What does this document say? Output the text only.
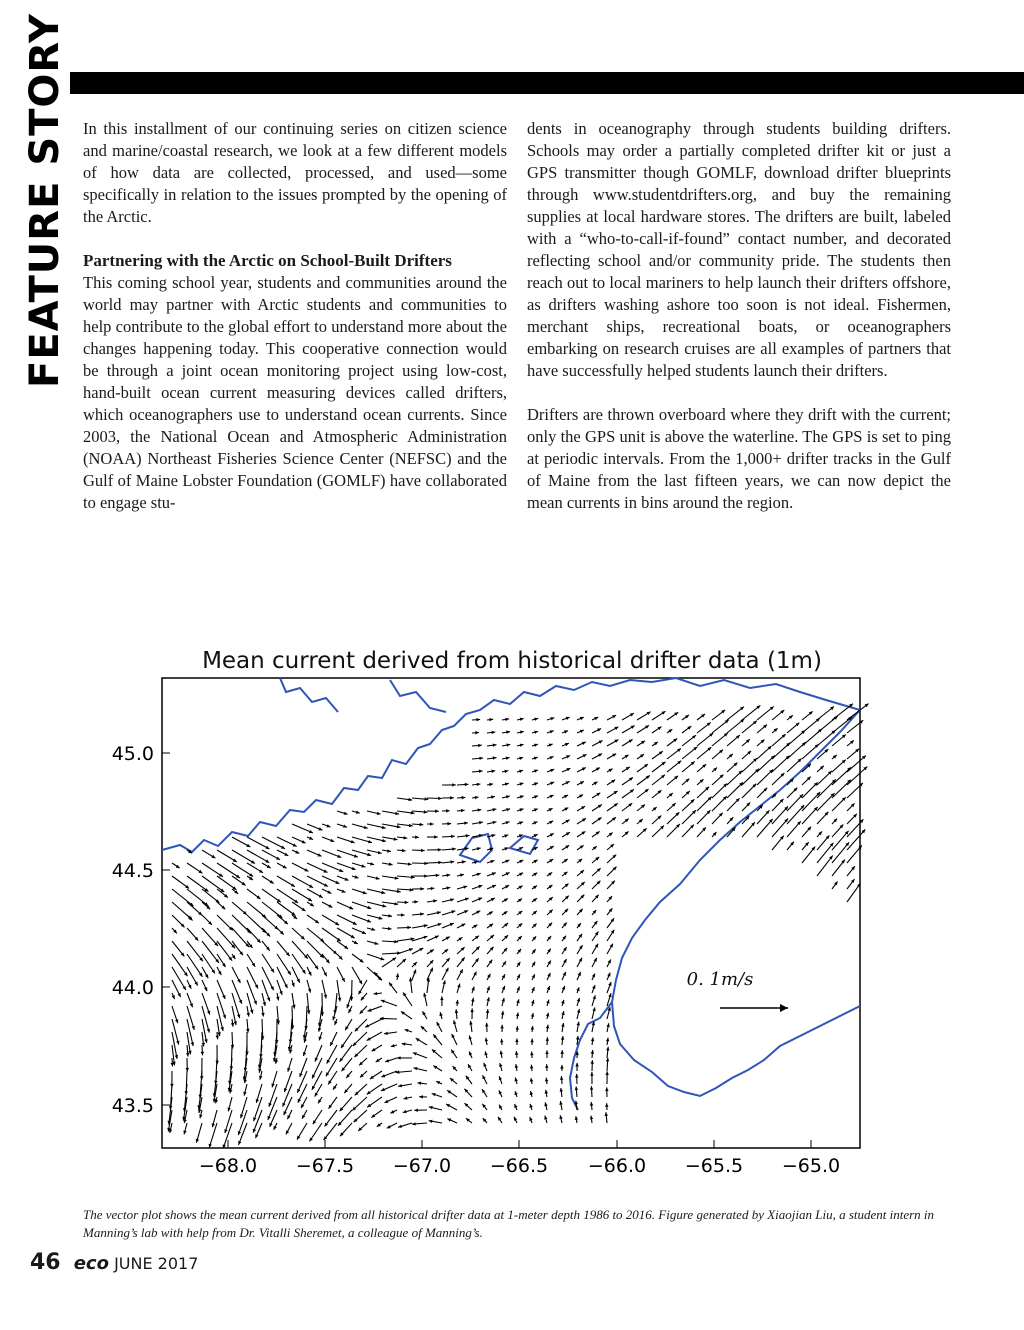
FEATURE STORY In this installment of our continuing series on citizen science and marine/coastal research, we look at a few different models of how data are collected, processed, and used—some specifically in relation to the issues prompted by the opening of the Arctic.

Partnering with the Arctic on School-Built Drifters

This coming school year, students and communities around the world may partner with Arctic students and communities to help contribute to the global effort to understand more about the changes happening today. This cooperative connection would be through a joint ocean monitoring project using low-cost, hand-built ocean current measuring devices called drifters, which oceanographers use to understand ocean currents. Since 2003, the National Ocean and Atmospheric Administration (NOAA) Northeast Fisheries Science Center (NEFSC) and the Gulf of Maine Lobster Foundation (GOMLF) have collaborated to engage stu-

dents in oceanography through students building drifters. Schools may order a partially completed drifter kit or just a GPS transmitter though GOMLF, download drifter blueprints through www.studentdrifters.org, and buy the remaining supplies at local hardware stores. The drifters are built, labeled with a “who-to-call-if-found” contact number, and decorated reflecting school and/or community pride. The students then reach out to local mariners to help launch their drifters offshore, as drifters washing ashore too soon is not ideal. Fishermen, merchant ships, recreational boats, or oceanographers embarking on research cruises are all examples of partners that have successfully helped students launch their drifters.

Drifters are thrown overboard where they drift with the current; only the GPS unit is above the waterline. The GPS is set to ping at periodic intervals. From the 1,000+ drifter tracks in the Gulf of Maine from the last fifteen years, we can now depict the mean currents in bins around the region.

Mean current derived from historical drifter data (1m)
−68.0 −67.5 −67.0 −66.5 −66.0 −65.5 −65.0
45.0
44.5
44.0
43.5
0. 1m/s
The vector plot shows the mean current derived from all historical drifter data at 1-meter depth 1986 to 2016. Figure generated by Xiaojian Liu, a student intern in Manning’s lab with help from Dr. Vitalli Sheremet, a colleague of Manning’s.
46 eco JUNE 2017
